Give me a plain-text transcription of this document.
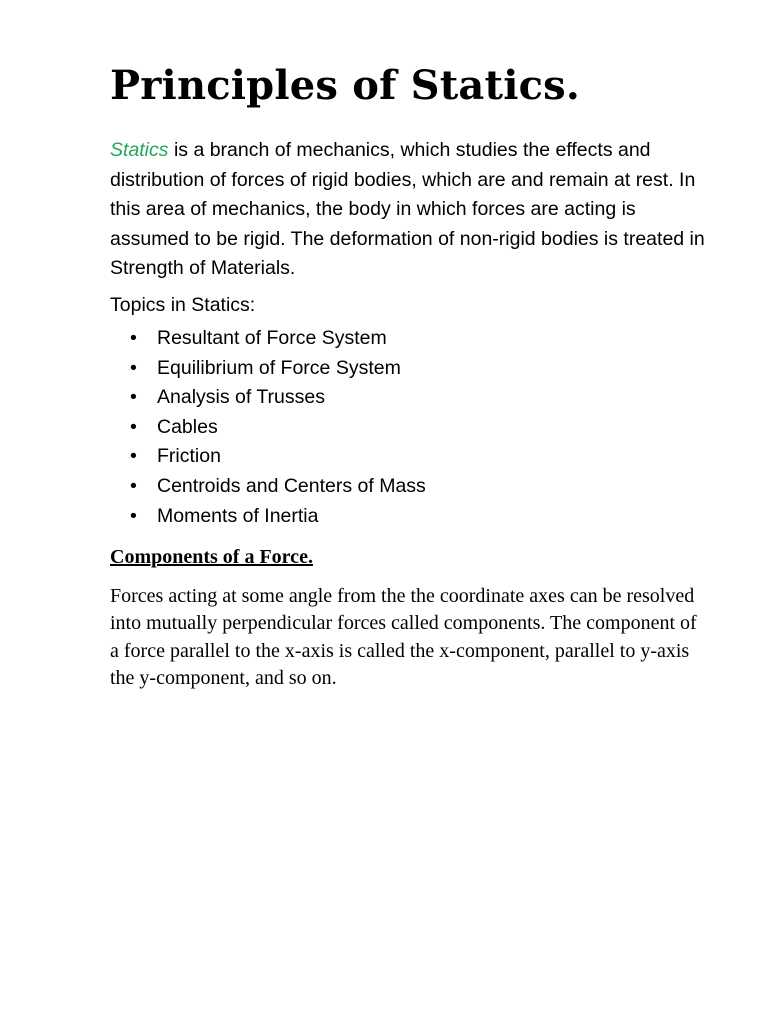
Principles of Statics.

Statics is a branch of mechanics, which studies the effects and distribution of forces of rigid bodies, which are and remain at rest. In this area of mechanics, the body in which forces are acting is assumed to be rigid. The deformation of non-rigid bodies is treated in Strength of Materials.

Topics in Statics:

• Resultant of Force System
• Equilibrium of Force System
• Analysis of Trusses
• Cables
• Friction
• Centroids and Centers of Mass
• Moments of Inertia
Components of a Force.

Forces acting at some angle from the the coordinate axes can be resolved into mutually perpendicular forces called components. The component of a force parallel to the x-axis is called the x-component, parallel to y-axis the y-component, and so on.
